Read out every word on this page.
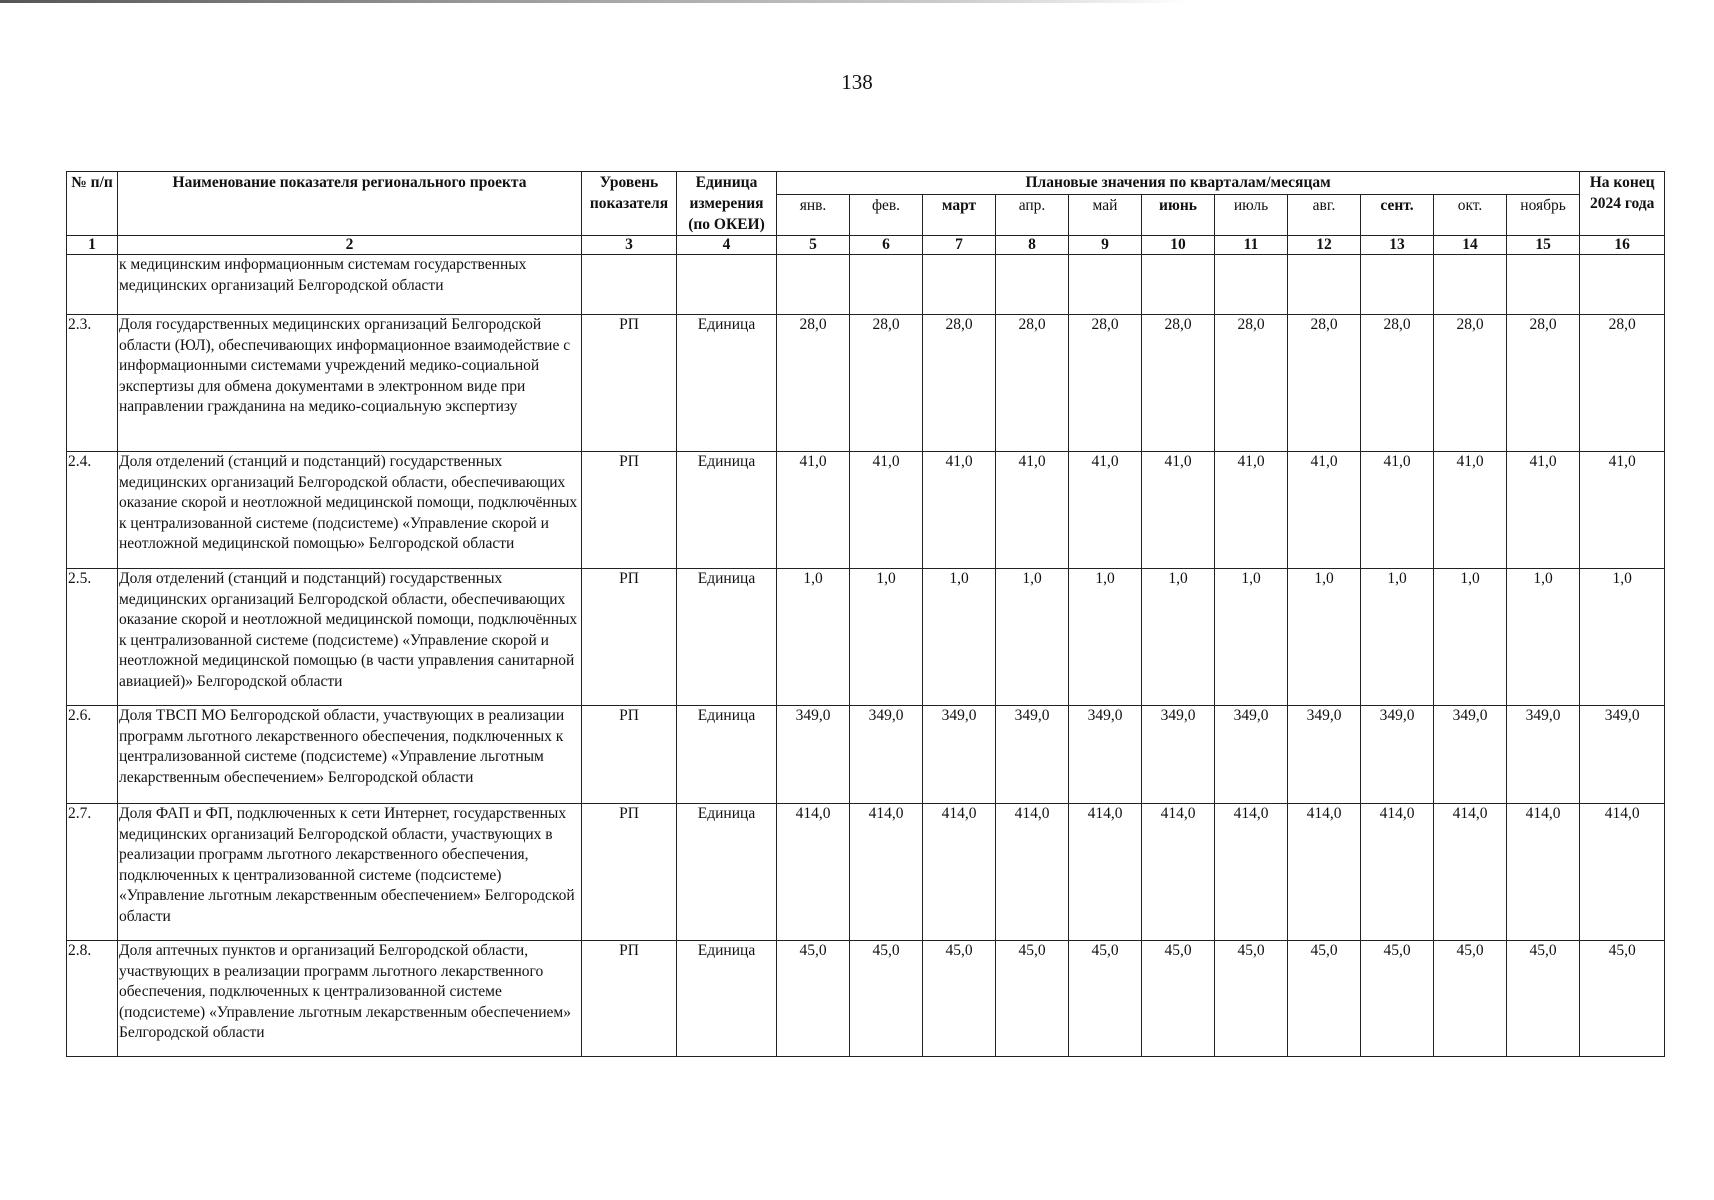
138
№ п/п	Наименование показателя регионального проекта	Уровень показателя	Единица измерения (по ОКЕИ)	Плановые значения по кварталам/месяцам											На конец 2024 года
				янв.	фев.	март	апр.	май	июнь	июль	авг.	сент.	окт.	ноябрь	
1	2	3	4	5	6	7	8	9	10	11	12	13	14	15	16
	к медицинским информационным системам государственных медицинских организаций Белгородской области														
2.3.	Доля государственных медицинских организаций Белгородской области (ЮЛ), обеспечивающих информационное взаимодействие с информационными системами учреждений медико-социальной экспертизы для обмена документами в электронном виде при направлении гражданина на медико-социальную экспертизу	РП	Единица	28,0	28,0	28,0	28,0	28,0	28,0	28,0	28,0	28,0	28,0	28,0	28,0
2.4.	Доля отделений (станций и подстанций) государственных медицинских организаций Белгородской области, обеспечивающих оказание скорой и неотложной медицинской помощи, подключённых к централизованной системе (подсистеме) «Управление скорой и неотложной медицинской помощью» Белгородской области	РП	Единица	41,0	41,0	41,0	41,0	41,0	41,0	41,0	41,0	41,0	41,0	41,0	41,0
2.5.	Доля отделений (станций и подстанций) государственных медицинских организаций Белгородской области, обеспечивающих оказание скорой и неотложной медицинской помощи, подключённых к централизованной системе (подсистеме) «Управление скорой и неотложной медицинской помощью (в части управления санитарной авиацией)» Белгородской области	РП	Единица	1,0	1,0	1,0	1,0	1,0	1,0	1,0	1,0	1,0	1,0	1,0	1,0
2.6.	Доля ТВСП МО Белгородской области, участвующих в реализации программ льготного лекарственного обеспечения, подключенных к централизованной системе (подсистеме) «Управление льготным лекарственным обеспечением» Белгородской области	РП	Единица	349,0	349,0	349,0	349,0	349,0	349,0	349,0	349,0	349,0	349,0	349,0	349,0
2.7.	Доля ФАП и ФП, подключенных к сети Интернет, государственных медицинских организаций Белгородской области, участвующих в реализации программ льготного лекарственного обеспечения, подключенных к централизованной системе (подсистеме) «Управление льготным лекарственным обеспечением» Белгородской области	РП	Единица	414,0	414,0	414,0	414,0	414,0	414,0	414,0	414,0	414,0	414,0	414,0	414,0
2.8.	Доля аптечных пунктов и организаций Белгородской области, участвующих в реализации программ льготного лекарственного обеспечения, подключенных к централизованной системе (подсистеме) «Управление льготным лекарственным обеспечением» Белгородской области	РП	Единица	45,0	45,0	45,0	45,0	45,0	45,0	45,0	45,0	45,0	45,0	45,0	45,0
